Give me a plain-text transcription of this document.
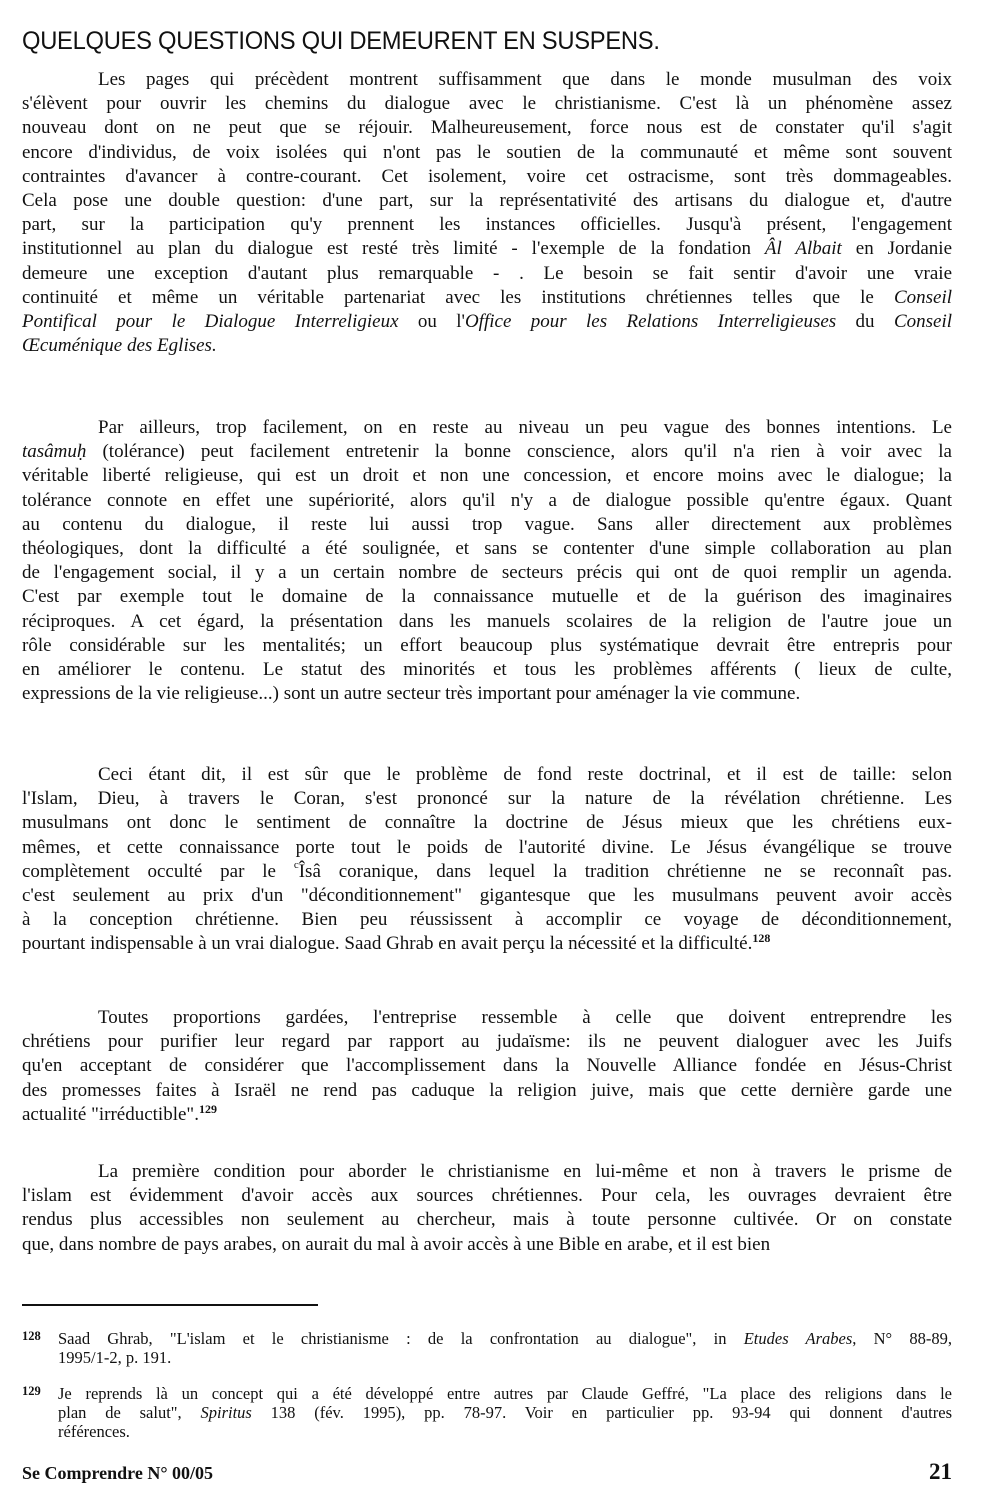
QUELQUES QUESTIONS QUI DEMEURENT EN SUSPENS.
Les pages qui précèdent montrent suffisamment que dans le monde musulman des voix
s'élèvent pour ouvrir les chemins du dialogue avec le christianisme. C'est là un phénomène assez
nouveau dont on ne peut que se réjouir. Malheureusement, force nous est de constater qu'il s'agit
encore d'individus, de voix isolées qui n'ont pas le soutien de la communauté et même sont souvent
contraintes d'avancer à contre-courant. Cet isolement, voire cet ostracisme, sont très dommageables.
Cela pose une double question: d'une part, sur la représentativité des artisans du dialogue et, d'autre
part, sur la participation qu'y prennent les instances officielles. Jusqu'à présent, l'engagement
institutionnel au plan du dialogue est resté très limité - l'exemple de la fondation Âl Albait en Jordanie
demeure une exception d'autant plus remarquable - . Le besoin se fait sentir d'avoir une vraie
continuité et même un véritable partenariat avec les institutions chrétiennes telles que le Conseil
Pontifical pour le Dialogue Interreligieux ou l'Office pour les Relations Interreligieuses du Conseil
Œcuménique des Eglises.
Par ailleurs, trop facilement, on en reste au niveau un peu vague des bonnes intentions. Le
tasâmuḥ (tolérance) peut facilement entretenir la bonne conscience, alors qu'il n'a rien à voir avec la
véritable liberté religieuse, qui est un droit et non une concession, et encore moins avec le dialogue; la
tolérance connote en effet une supériorité, alors qu'il n'y a de dialogue possible qu'entre égaux. Quant
au contenu du dialogue, il reste lui aussi trop vague. Sans aller directement aux problèmes
théologiques, dont la difficulté a été soulignée, et sans se contenter d'une simple collaboration au plan
de l'engagement social, il y a un certain nombre de secteurs précis qui ont de quoi remplir un agenda.
C'est par exemple tout le domaine de la connaissance mutuelle et de la guérison des imaginaires
réciproques. A cet égard, la présentation dans les manuels scolaires de la religion de l'autre joue un
rôle considérable sur les mentalités; un effort beaucoup plus systématique devrait être entrepris pour
en améliorer le contenu. Le statut des minorités et tous les problèmes afférents ( lieux de culte,
expressions de la vie religieuse...) sont un autre secteur très important pour aménager la vie commune.
Ceci étant dit, il est sûr que le problème de fond reste doctrinal, et il est de taille: selon
l'Islam, Dieu, à travers le Coran, s'est prononcé sur la nature de la révélation chrétienne. Les
musulmans ont donc le sentiment de connaître la doctrine de Jésus mieux que les chrétiens eux-
mêmes, et cette connaissance porte tout le poids de l'autorité divine. Le Jésus évangélique se trouve
complètement occulté par le $^c$Îsâ coranique, dans lequel la tradition chrétienne ne se reconnaît pas.
c'est seulement au prix d'un "déconditionnement" gigantesque que les musulmans peuvent avoir accès
à la conception chrétienne. Bien peu réussissent à accomplir ce voyage de déconditionnement,
pourtant indispensable à un vrai dialogue. Saad Ghrab en avait perçu la nécessité et la difficulté.$^{128}$
Toutes proportions gardées, l'entreprise ressemble à celle que doivent entreprendre les
chrétiens pour purifier leur regard par rapport au judaïsme: ils ne peuvent dialoguer avec les Juifs
qu'en acceptant de considérer que l'accomplissement dans la Nouvelle Alliance fondée en Jésus-Christ
des promesses faites à Israël ne rend pas caduque la religion juive, mais que cette dernière garde une
actualité "irréductible".$^{129}$
La première condition pour aborder le christianisme en lui-même et non à travers le prisme de
l'islam est évidemment d'avoir accès aux sources chrétiennes. Pour cela, les ouvrages devraient être
rendus plus accessibles non seulement au chercheur, mais à toute personne cultivée. Or on constate
que, dans nombre de pays arabes, on aurait du mal à avoir accès à une Bible en arabe, et il est bien
128 Saad Ghrab, "L'islam et le christianisme : de la confrontation au dialogue", in Etudes Arabes, N° 88-89,
1995/1-2, p. 191.
129 Je reprends là un concept qui a été développé entre autres par Claude Geffré, "La place des religions dans le
plan de salut", Spiritus 138 (fév. 1995), pp. 78-97. Voir en particulier pp. 93-94 qui donnent d'autres
références.
Se Comprendre N° 00/05	21
